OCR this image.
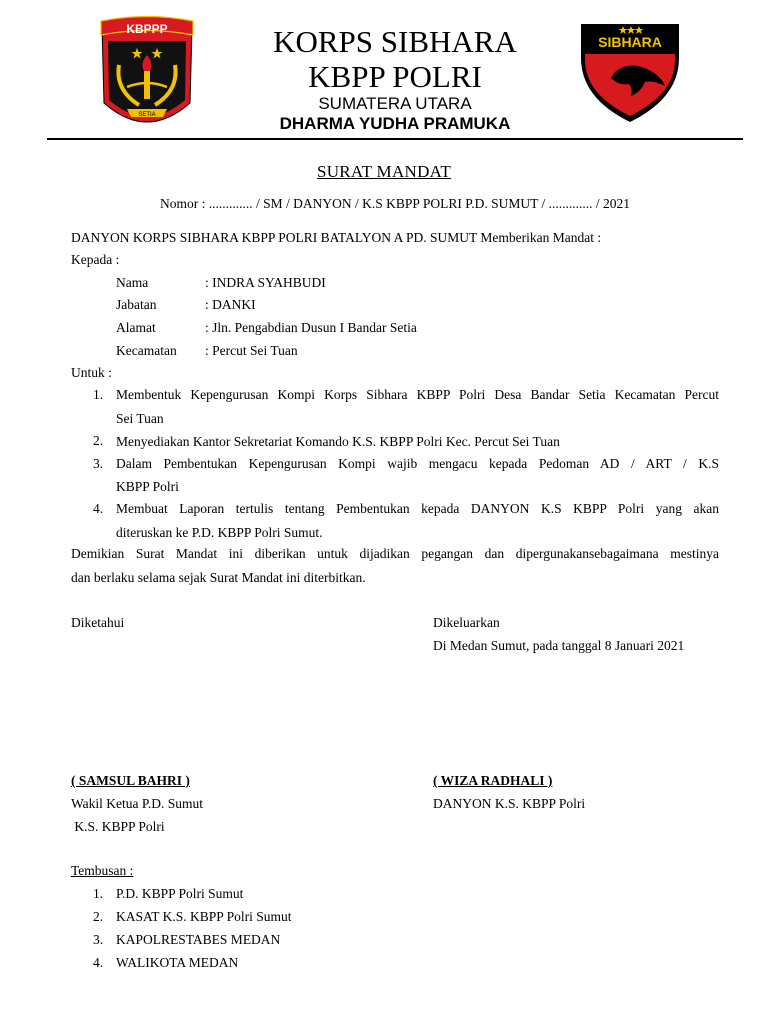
KBPPP
SETIA
SIBHARA
KORPS SIBHARA
KBPP POLRI
SUMATERA UTARA
DHARMA YUDHA PRAMUKA
SURAT MANDAT
Nomor : ............. / SM / DANYON / K.S KBPP POLRI P.D. SUMUT / ............. / 2021
DANYON KORPS SIBHARA KBPP POLRI BATALYON A PD. SUMUT Memberikan Mandat :
Kepada :
Nama	: INDRA SYAHBUDI
Jabatan	: DANKI
Alamat	: Jln. Pengabdian Dusun I Bandar Setia
Kecamatan : Percut Sei Tuan
Untuk :
1. Membentuk Kepengurusan Kompi Korps Sibhara KBPP Polri Desa Bandar Setia Kecamatan Percut
Sei Tuan
2. Menyediakan Kantor Sekretariat Komando K.S. KBPP Polri Kec. Percut Sei Tuan
3. Dalam Pembentukan Kepengurusan Kompi wajib mengacu kepada Pedoman AD / ART / K.S
KBPP Polri
4. Membuat Laporan tertulis tentang Pembentukan kepada DANYON K.S KBPP Polri yang akan
diteruskan ke P.D. KBPP Polri Sumut.
Demikian Surat Mandat ini diberikan untuk dijadikan pegangan dan dipergunakansebagaimana mestinya
dan berlaku selama sejak Surat Mandat ini diterbitkan.
Diketahui	Dikeluarkan
Di Medan Sumut, pada tanggal 8 Januari 2021
( SAMSUL BAHRI )	( WIZA RADHALI )
Wakil Ketua P.D. Sumut	DANYON K.S. KBPP Polri
K.S. KBPP Polri
Tembusan :
1. P.D. KBPP Polri Sumut
2. KASAT K.S. KBPP Polri Sumut
3. KAPOLRESTABES MEDAN
4. WALIKOTA MEDAN
